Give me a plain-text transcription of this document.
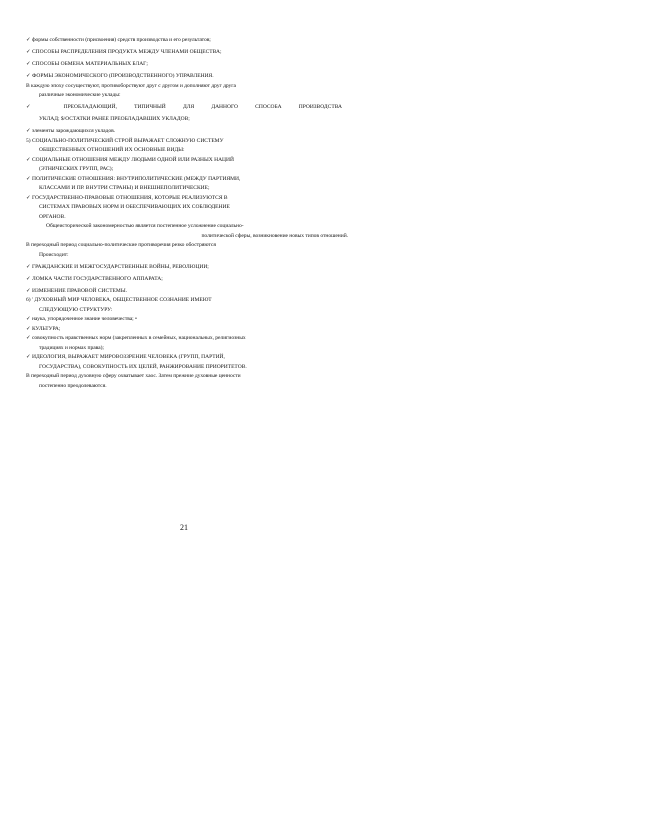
✓ формы собственности (присвоения) средств производства и его результатов;

✓ СПОСОБЫ РАСПРЕДЕЛЕНИЯ ПРОДУКТА МЕЖДУ ЧЛЕНАМИ ОБЩЕСТВА;

✓ СПОСОБЫ ОБМЕНА МАТЕРИАЛЬНЫХ БЛАГ;

✓ ФОРМЫ ЭКОНОМИЧЕСКОГО (ПРОИЗВОДСТВЕННОГО) УПРАВЛЕНИЯ.

В каждую эпоху сосуществуют, противоборствуют друг с другом и дополняют друг друга

различные экономические уклады:

✓ ПРЕОБЛАДАЮЩИЙ, ТИПИЧНЫЙ ДЛЯ ДАННОГО СПОСОБА ПРОИЗВОДСТВА

УКЛАД; $/ОСТАТКИ РАНЕЕ ПРЕОБЛАДАВШИХ УКЛАДОВ;

✓ элементы зарождающихся укладов.

5) СОЦИАЛЬНО-ПОЛИТИЧЕСКИЙ СТРОЙ ВЫРАЖАЕТ СЛОЖНУЮ СИСТЕМУ

ОБЩЕСТВЕННЫХ ОТНОШЕНИЙ ИХ ОСНОВНЫЕ ВИДЫ:

✓ СОЦИАЛЬНЫЕ ОТНОШЕНИЯ МЕЖДУ ЛЮДЬМИ ОДНОЙ ИЛИ РАЗНЫХ НАЦИЙ

(ЭТНИЧЕСКИХ ГРУПП, РАС);

✓ ПОЛИТИЧЕСКИЕ ОТНОШЕНИЯ: ВНУТРИПОЛИТИЧЕСКИЕ (МЕЖДУ ПАРТИЯМИ,

КЛАССАМИ И ПР. ВНУТРИ СТРАНЫ) И ВНЕШНЕПОЛИТИЧЕСКИЕ;

✓ ГОСУДАРСТВЕННО-ПРАВОВЫЕ ОТНОШЕНИЯ, КОТОРЫЕ РЕАЛИЗУЮТСЯ В

СИСТЕМАХ ПРАВОВЫХ НОРМ И ОБЕСПЕЧИВАЮЩИХ ИХ СОБЛЮДЕНИЕ

ОРГАНОВ.

Общеисторической закономерностью является постепенное усложнение социально-

политической сферы, возникновение новых типов отношений.

В переходный период социально-политические противоречия резко обостряются

Происходит:

✓ ГРАЖДАНСКИЕ И МЕЖГОСУДАРСТВЕННЫЕ ВОЙНЫ, РЕВОЛЮЦИИ;

✓ ЛОМКА ЧАСТИ ГОСУДАРСТВЕННОГО АППАРАТА;

✓ ИЗМЕНЕНИЕ ПРАВОВОЙ СИСТЕМЫ.

6) ' ДУХОВНЫЙ МИР ЧЕЛОВЕКА, ОБЩЕСТВЕННОЕ СОЗНАНИЕ ИМЕЮТ

СЛЕДУЮЩУЮ СТРУКТУРУ:

✓ наука, упорядоченное знание человечества; •

✓ КУЛЬТУРА;

✓ совокупность нравственных норм (закрепленных в семейных, национальных, религиозных

традициях и нормах права);

✓ ИДЕОЛОГИЯ, ВЫРАЖАЕТ МИРОВОЗЗРЕНИЕ ЧЕЛОВЕКА (ГРУПП, ПАРТИЙ,

ГОСУДАРСТВА), СОВОКУПНОСТЬ ИХ ЦЕЛЕЙ, РАНЖИРОВАНИЕ ПРИОРИТЕТОВ.

В переходный период духовную сферу охватывает хаос. Затем прежние духовные ценности

постепенно преодолеваются.

21
